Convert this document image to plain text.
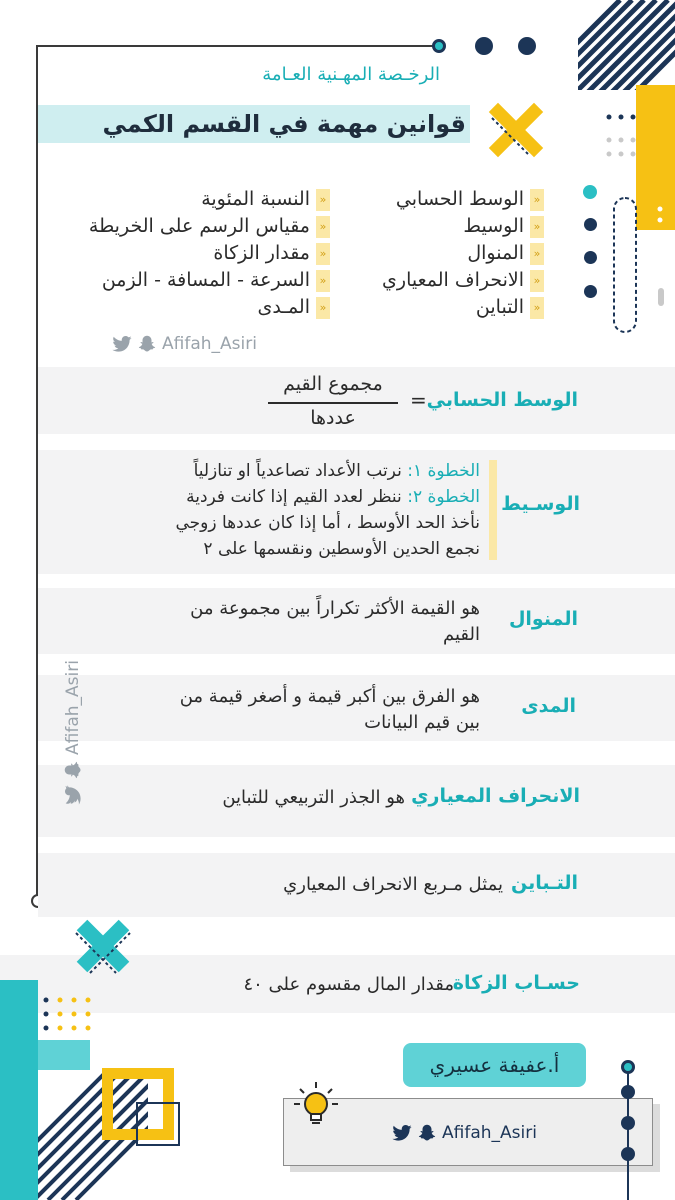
الرخـصة المهـنية العـامة
قوانين مهمة في القسم الكمي
«
الوسط الحسابي
«
الوسيط
«
المنوال
«
الانحراف المعياري
«
التباين
«
النسبة المئوية
«
مقياس الرسم على الخريطة
«
مقدار الزكاة
«
السرعة - المسافة - الزمن
«
المـدى
Afifah_Asiri
الوسط الحسابي
=
مجموع القيم
عددها
الوسـيط
الخطوة ١: نرتب الأعداد تصاعدياً او تنازلياً
الخطوة ٢: ننظر لعدد القيم إذا كانت فردية
نأخذ الحد الأوسط ، أما إذا كان عددها زوجي
نجمع الحدين الأوسطين ونقسمها على ٢
المنوال
هو القيمة الأكثر تكراراً بين مجموعة من
القيم
المدى
هو الفرق بين أكبر قيمة و أصغر قيمة من
بين قيم البيانات
الانحراف المعياري
هو الجذر التربيعي للتباين
التـباين
يمثل مـربع الانحراف المعياري
حسـاب الزكاة
مقدار المال مقسوم على ٤٠
Afifah_Asiri
أ.عفيفة عسيري
Afifah_Asiri
